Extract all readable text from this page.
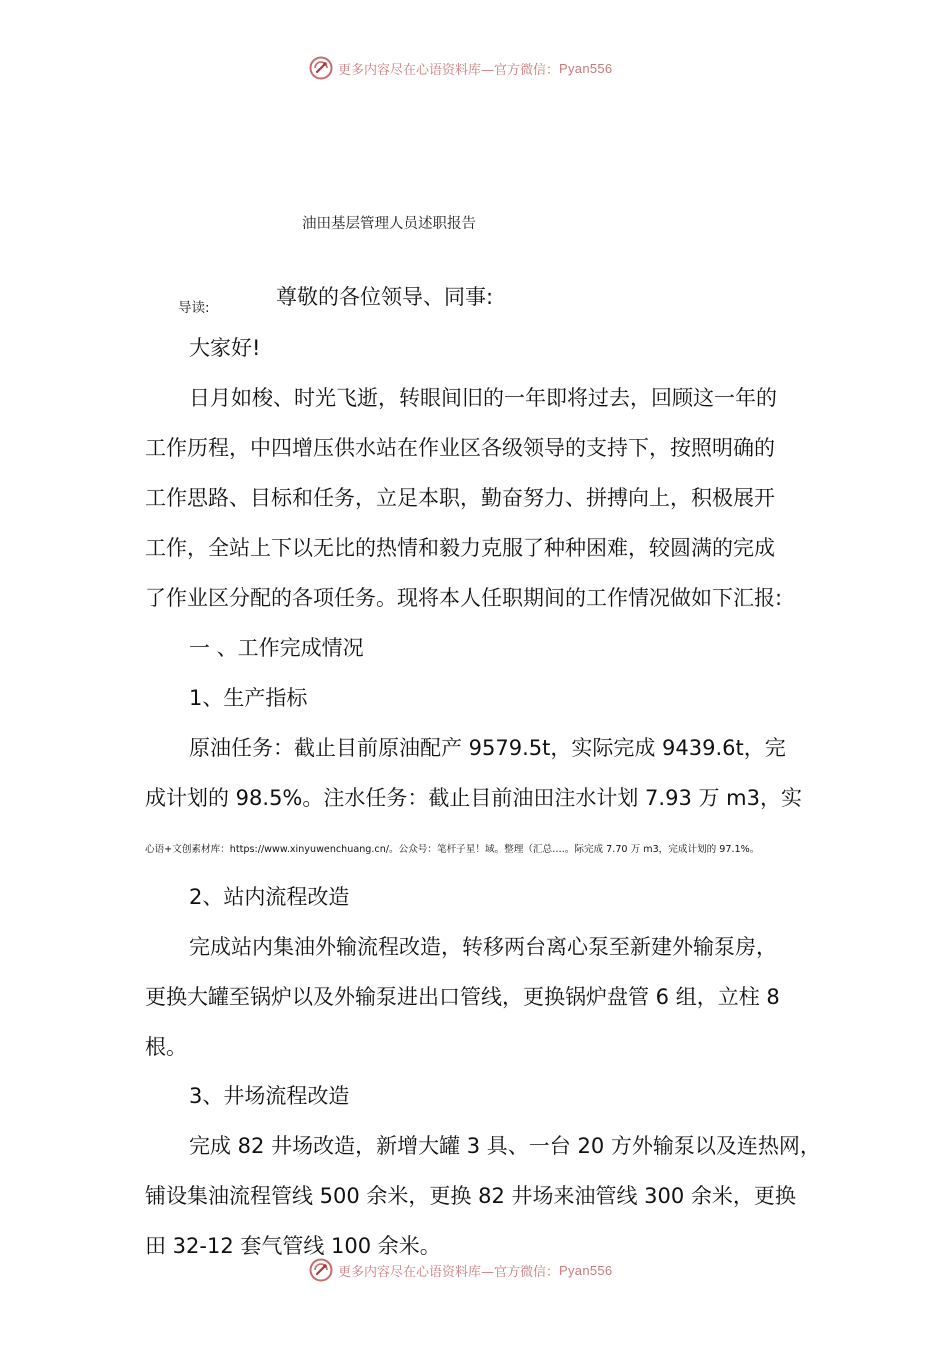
更多内容尽在心语资料库—官方微信： Pyan556
油田基层管理人员述职报告
导读:	尊敬的各位领导、同事:
大家好!
日月如梭、时光飞逝，转眼间旧的一年即将过去，回顾这一年的
工作历程，中四增压供水站在作业区各级领导的支持下，按照明确的
工作思路、目标和任务，立足本职，勤奋努力、拼搏向上，积极展开
工作，全站上下以无比的热情和毅力克服了种种困难，较圆满的完成
了作业区分配的各项任务。现将本人任职期间的工作情况做如下汇报:
一 、工作完成情况
1、生产指标
原油任务：截止目前原油配产 9579.5t，实际完成 9439.6t，完
成计划的 98.5%。注水任务：截止目前油田注水计划 7.93 万 m3，实
心语+文创素材库：https://www.xinyuwenchuang.cn/。公众号：笔杆子星！域。整理（汇总….。际完成 7.70 万 m3，完成计划的 97.1%。
2、站内流程改造
完成站内集油外输流程改造，转移两台离心泵至新建外输泵房，
更换大罐至锅炉以及外输泵进出口管线，更换锅炉盘管 6 组，立柱 8
根。
3、井场流程改造
完成 82 井场改造，新增大罐 3 具、一台 20 方外输泵以及连热网，
铺设集油流程管线 500 余米，更换 82 井场来油管线 300 余米，更换
田 32-12 套气管线 100 余米。
更多内容尽在心语资料库—官方微信： Pyan556
